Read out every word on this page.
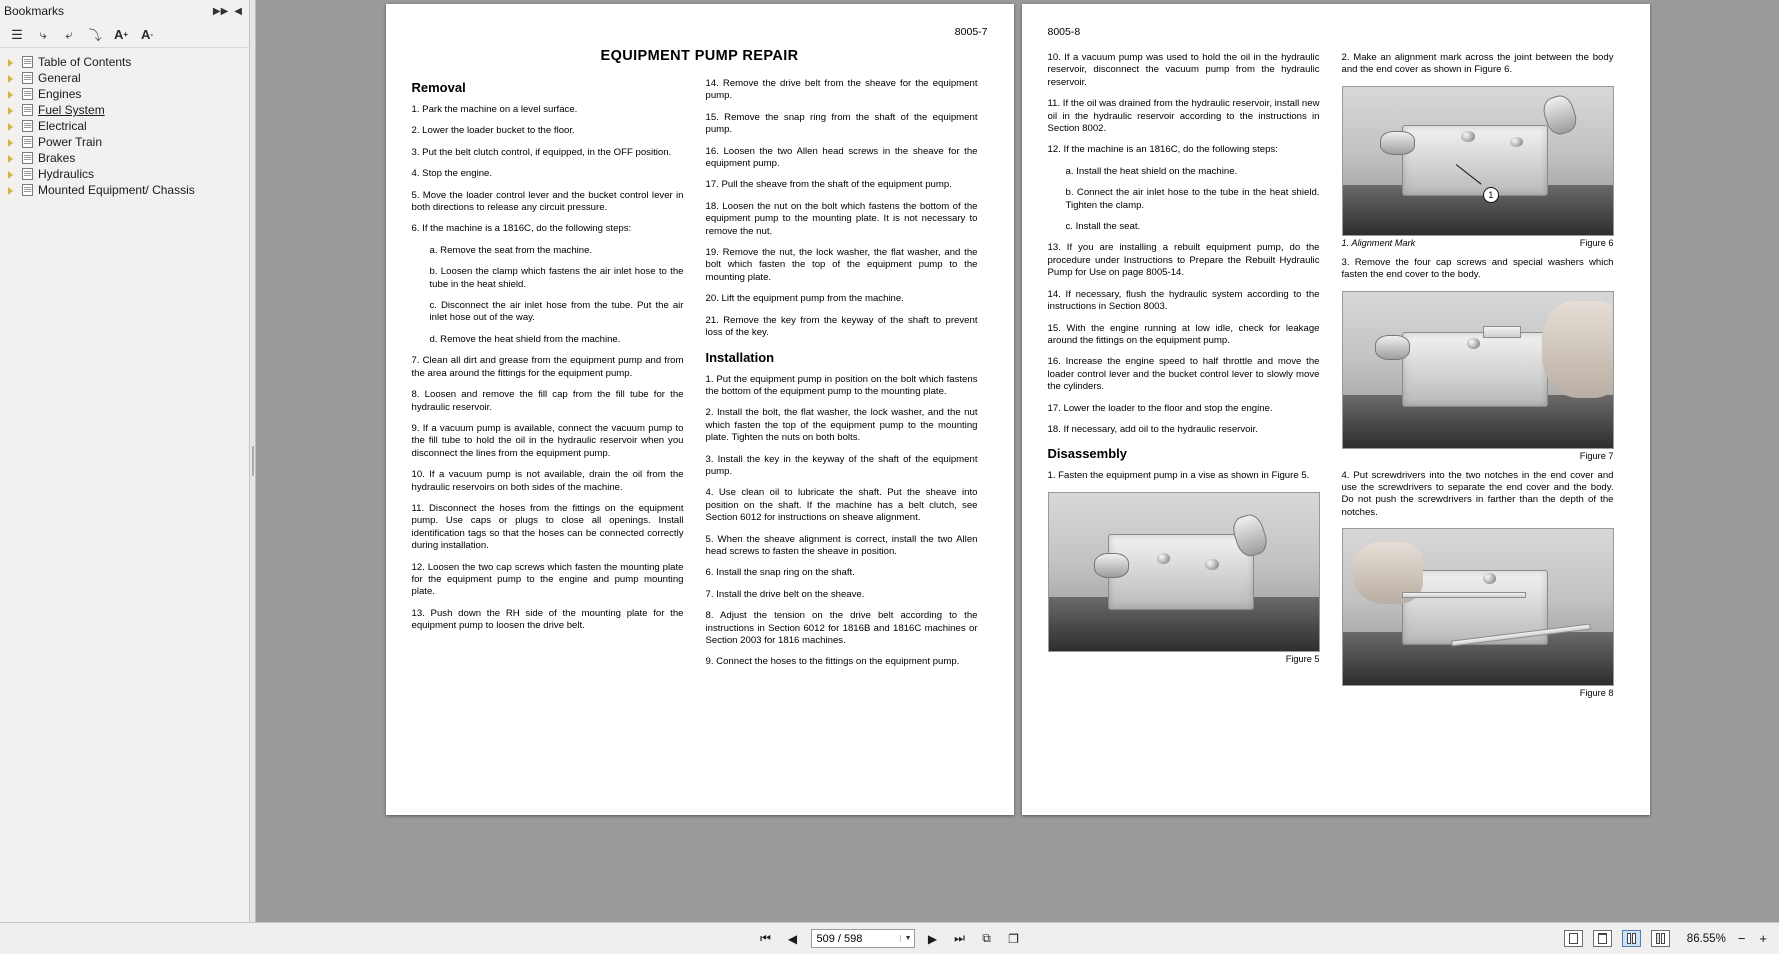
Bookmarks	▶▶ ◀
☰	⤷	⤶	⤵ A + A -
Table of Contents
General
Engines
Fuel System
Electrical
Power Train
Brakes
Hydraulics
Mounted Equipment/ Chassis
8005-7
EQUIPMENT PUMP REPAIR
Removal

1. Park the machine on a level surface.

2. Lower the loader bucket to the floor.

3. Put the belt clutch control, if equipped, in the OFF position.

4. Stop the engine.

5. Move the loader control lever and the bucket control lever in both directions to release any circuit pressure.

6. If the machine is a 1816C, do the following steps:

a. Remove the seat from the machine.

b. Loosen the clamp which fastens the air inlet hose to the tube in the heat shield.

c. Disconnect the air inlet hose from the tube. Put the air inlet hose out of the way.

d. Remove the heat shield from the machine.

7. Clean all dirt and grease from the equipment pump and from the area around the fittings for the equipment pump.

8. Loosen and remove the fill cap from the fill tube for the hydraulic reservoir.

9. If a vacuum pump is available, connect the vacuum pump to the fill tube to hold the oil in the hydraulic reservoir when you disconnect the lines from the equipment pump.

10. If a vacuum pump is not available, drain the oil from the hydraulic reservoirs on both sides of the machine.

11. Disconnect the hoses from the fittings on the equipment pump. Use caps or plugs to close all openings. Install identification tags so that the hoses can be connected correctly during installation.

12. Loosen the two cap screws which fasten the mounting plate for the equipment pump to the engine and pump mounting plate.

13. Push down the RH side of the mounting plate for the equipment pump to loosen the drive belt.

14. Remove the drive belt from the sheave for the equipment pump.

15. Remove the snap ring from the shaft of the equipment pump.

16. Loosen the two Allen head screws in the sheave for the equipment pump.

17. Pull the sheave from the shaft of the equipment pump.

18. Loosen the nut on the bolt which fastens the bottom of the equipment pump to the mounting plate. It is not necessary to remove the nut.

19. Remove the nut, the lock washer, the flat washer, and the bolt which fasten the top of the equipment pump to the mounting plate.

20. Lift the equipment pump from the machine.

21. Remove the key from the keyway of the shaft to prevent loss of the key.

Installation

1. Put the equipment pump in position on the bolt which fastens the bottom of the equipment pump to the mounting plate.

2. Install the bolt, the flat washer, the lock washer, and the nut which fasten the top of the equipment pump to the mounting plate. Tighten the nuts on both bolts.

3. Install the key in the keyway of the shaft of the equipment pump.

4. Use clean oil to lubricate the shaft. Put the sheave into position on the shaft. If the machine has a belt clutch, see Section 6012 for instructions on sheave alignment.

5. When the sheave alignment is correct, install the two Allen head screws to fasten the sheave in position.

6. Install the snap ring on the shaft.

7. Install the drive belt on the sheave.

8. Adjust the tension on the drive belt according to the instructions in Section 6012 for 1816B and 1816C machines or Section 2003 for 1816 machines.

9. Connect the hoses to the fittings on the equipment pump.

8005-8

10. If a vacuum pump was used to hold the oil in the hydraulic reservoir, disconnect the vacuum pump from the hydraulic reservoir.

11. If the oil was drained from the hydraulic reservoir, install new oil in the hydraulic reservoir according to the instructions in Section 8002.

12. If the machine is an 1816C, do the following steps:

a. Install the heat shield on the machine.

b. Connect the air inlet hose to the tube in the heat shield. Tighten the clamp.

c. Install the seat.

13. If you are installing a rebuilt equipment pump, do the procedure under Instructions to Prepare the Rebuilt Hydraulic Pump for Use on page 8005-14.

14. If necessary, flush the hydraulic system according to the instructions in Section 8003.

15. With the engine running at low idle, check for leakage around the fittings on the equipment pump.

16. Increase the engine speed to half throttle and move the loader control lever and the bucket control lever to slowly move the cylinders.

17. Lower the loader to the floor and stop the engine.

18. If necessary, add oil to the hydraulic reservoir.

Disassembly

1. Fasten the equipment pump in a vise as shown in Figure 5.

Figure 5

2. Make an alignment mark across the joint between the body and the end cover as shown in Figure 6.

1
1. Alignment Mark	Figure 6

3. Remove the four cap screws and special washers which fasten the end cover to the body.

Figure 7

4. Put screwdrivers into the two notches in the end cover and use the screwdrivers to separate the end cover and the body. Do not push the screwdrivers in farther than the depth of the notches.

Figure 8
⏮	◀	509 / 598	▼	▶	⏭	⧉	❐	86.55% − +
